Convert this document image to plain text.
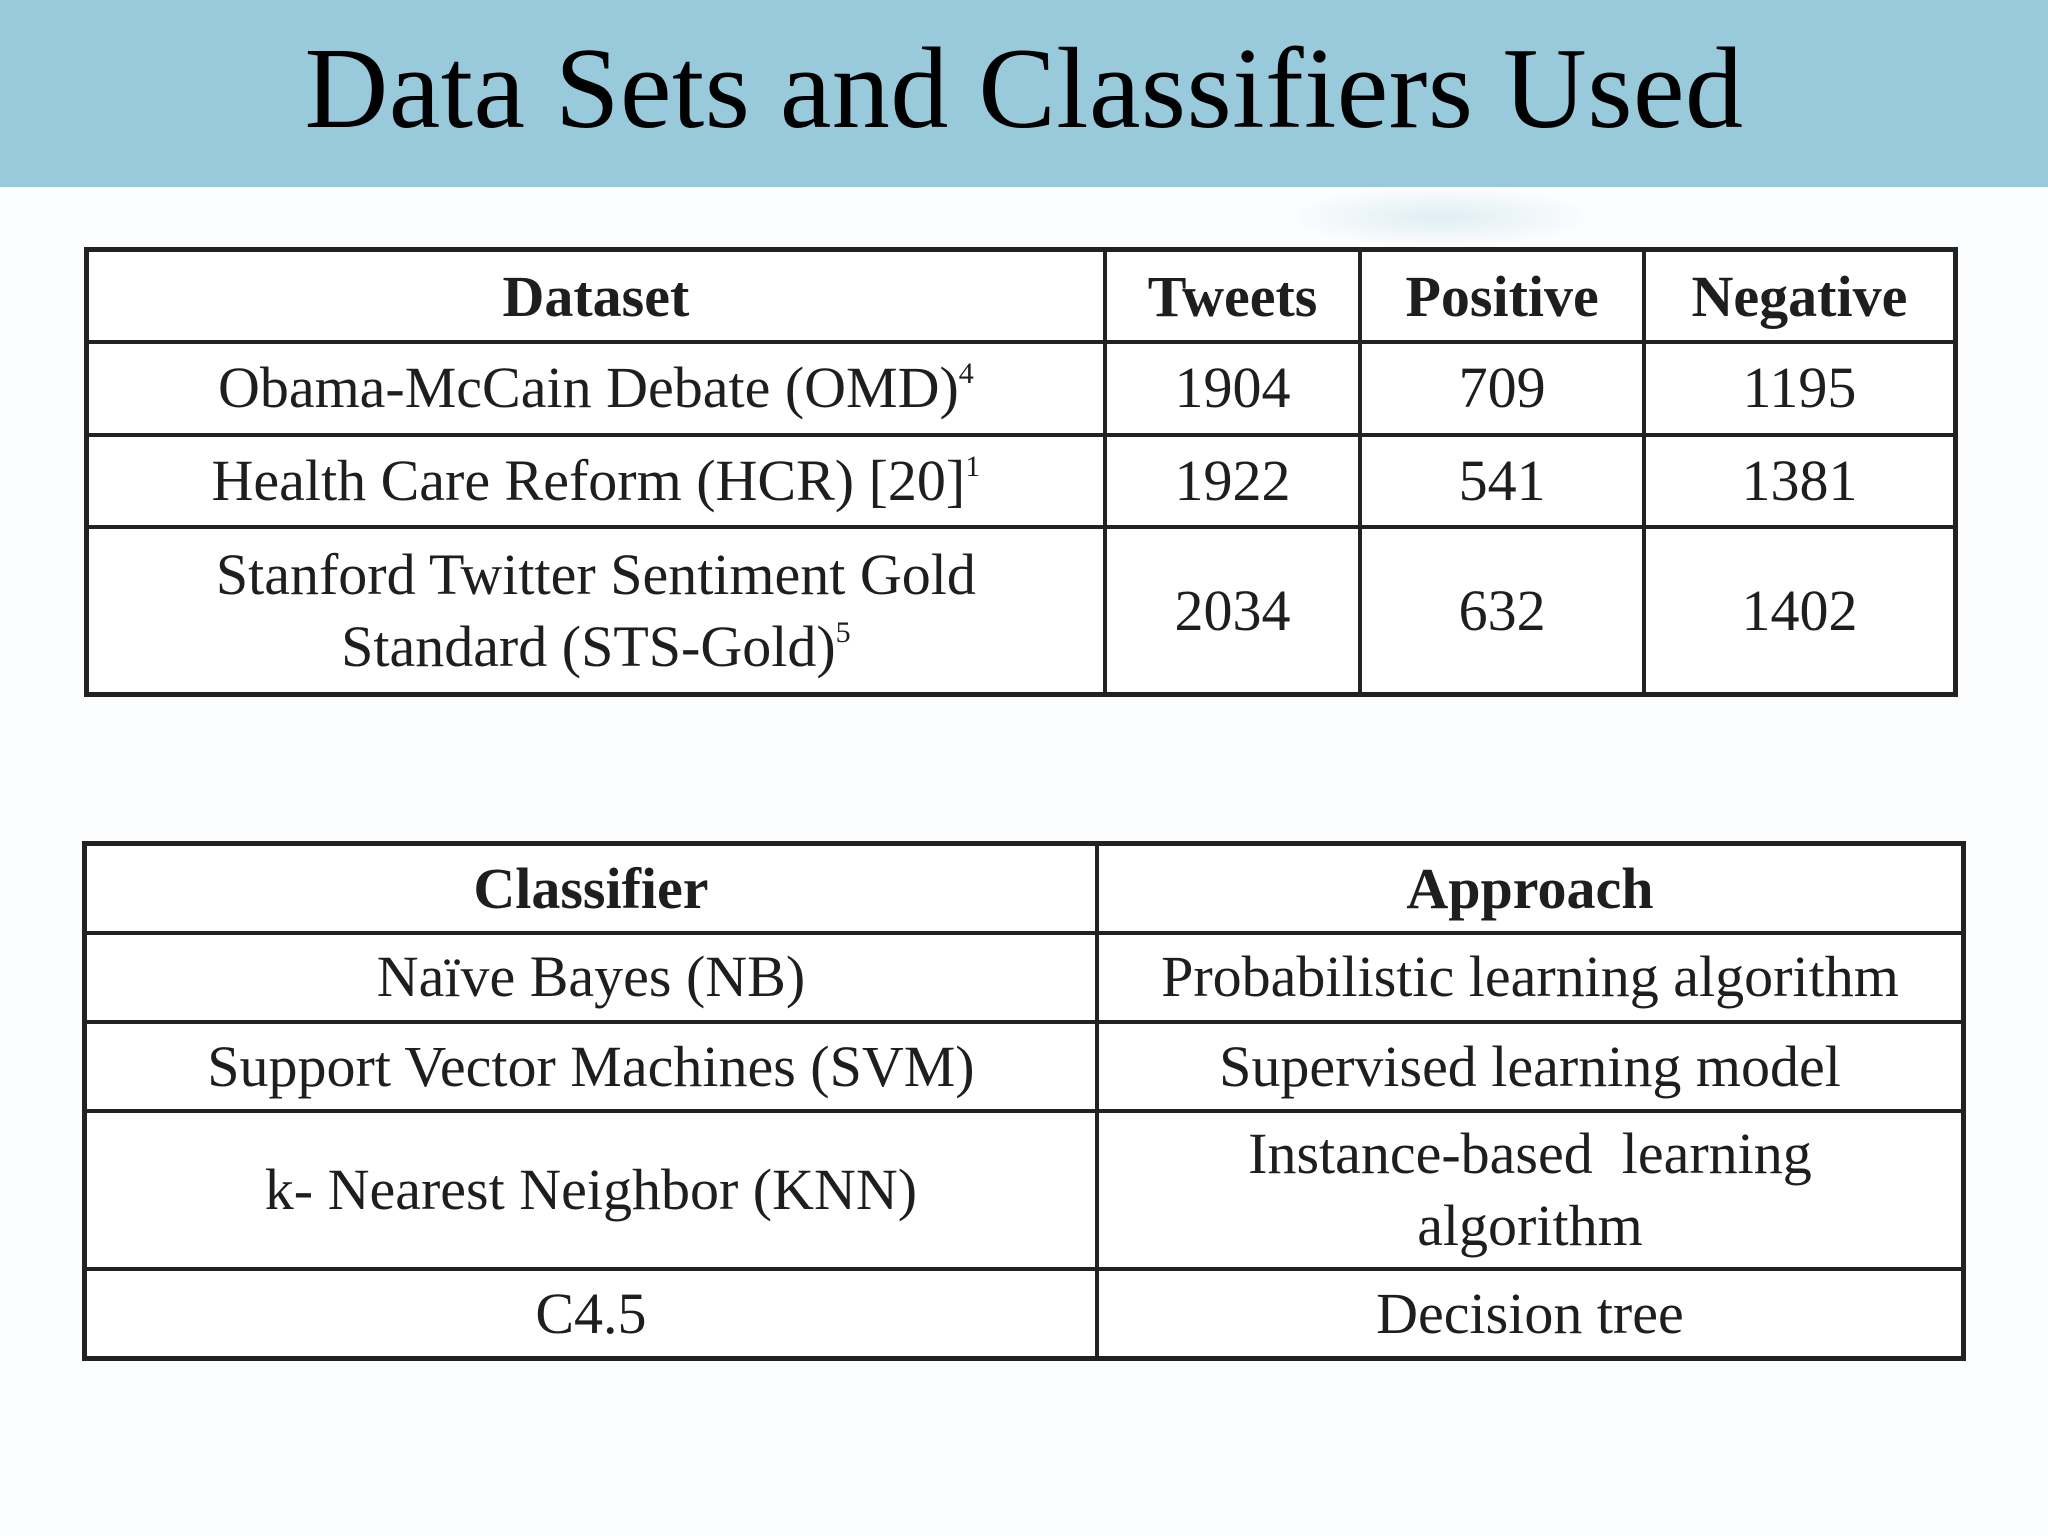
Data Sets and Classifiers Used
Dataset	Tweets	Positive	Negative
Obama-McCain Debate (OMD)$^4$	1904	709	1195
Health Care Reform (HCR) $[20]^1$	1922	541	1381
Stanford Twitter Sentiment Gold
Standard (STS-Gold)$^5$	2034	632	1402
Classifier	Approach
Naïve Bayes (NB)	Probabilistic learning algorithm
Support Vector Machines (SVM)	Supervised learning model
k- Nearest Neighbor (KNN)	Instance-based  learning
algorithm
C4.5	Decision tree
